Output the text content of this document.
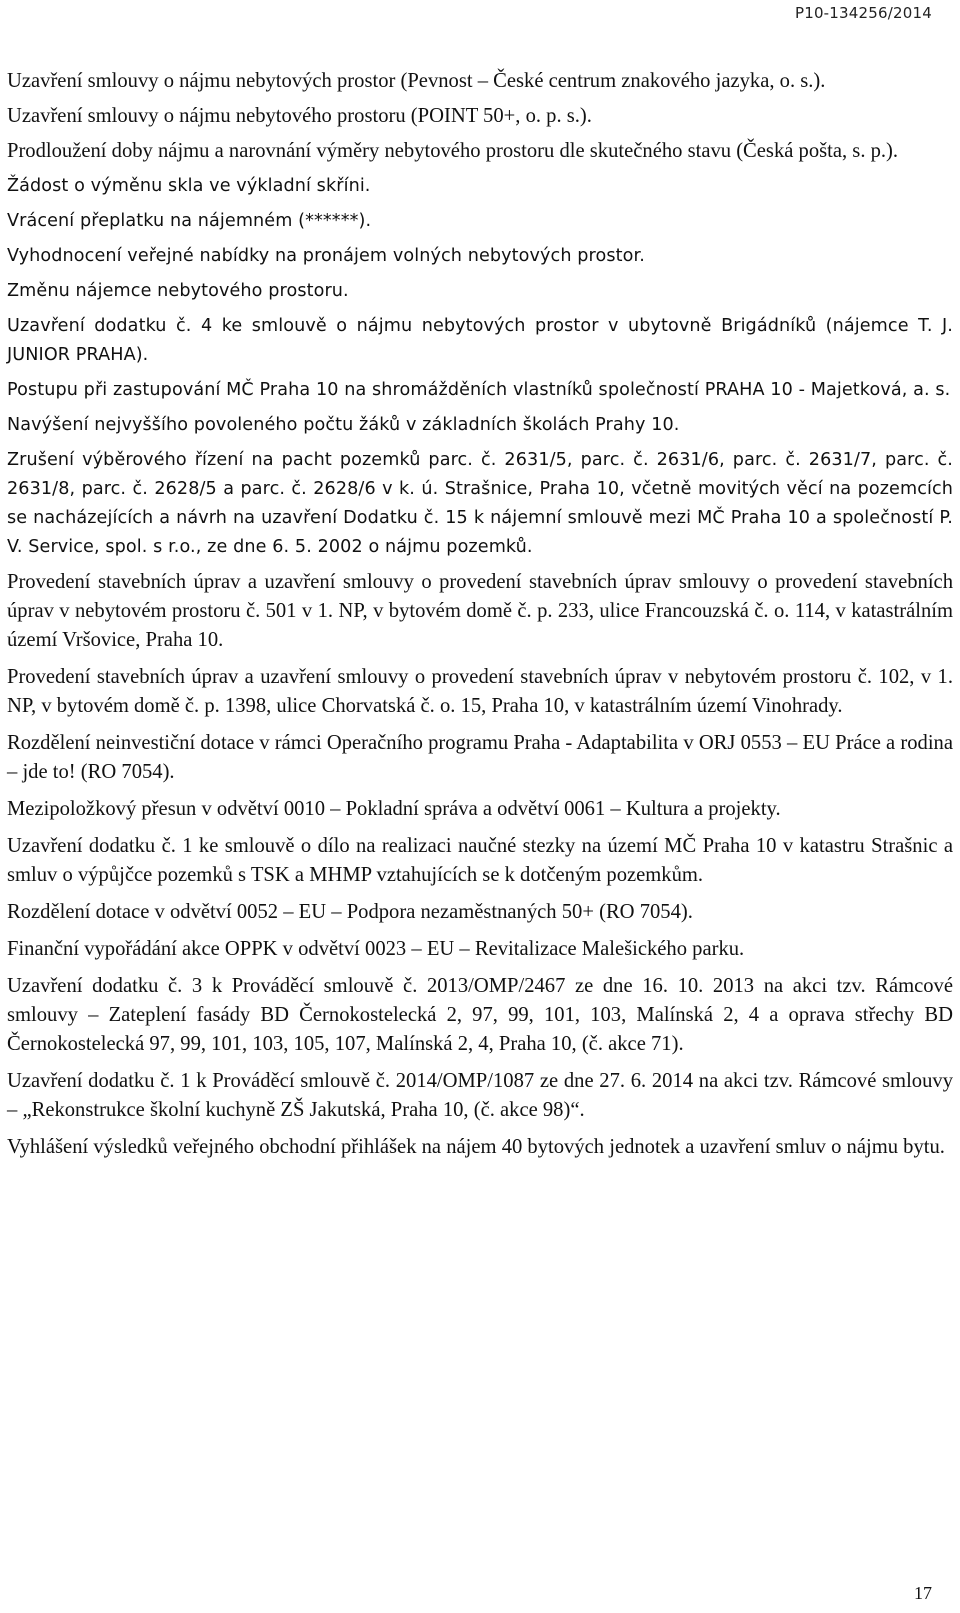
P10-134256/2014

Uzavření smlouvy o nájmu nebytových prostor (Pevnost – České centrum znakového jazyka, o. s.).

Uzavření smlouvy o nájmu nebytového prostoru (POINT 50+, o. p. s.).

Prodloužení doby nájmu a narovnání výměry nebytového prostoru dle skutečného stavu (Česká pošta, s. p.).

Žádost o výměnu skla ve výkladní skříni.

Vrácení přeplatku na nájemném (******).

Vyhodnocení veřejné nabídky na pronájem volných nebytových prostor.

Změnu nájemce nebytového prostoru.

Uzavření dodatku č. 4 ke smlouvě o nájmu nebytových prostor v ubytovně Brigádníků (nájemce T. J. JUNIOR PRAHA).

Postupu při zastupování MČ Praha 10 na shromážděních vlastníků společností PRAHA 10 - Majetková, a. s.

Navýšení nejvyššího povoleného počtu žáků v základních školách Prahy 10.

Zrušení výběrového řízení na pacht pozemků parc. č. 2631/5, parc. č. 2631/6, parc. č. 2631/7, parc. č. 2631/8, parc. č. 2628/5 a parc. č. 2628/6 v k. ú. Strašnice, Praha 10, včetně movitých věcí na pozemcích se nacházejících a návrh na uzavření Dodatku č. 15 k nájemní smlouvě mezi MČ Praha 10 a společností P. V. Service, spol. s r.o., ze dne 6. 5. 2002 o nájmu pozemků.

Provedení stavebních úprav a uzavření smlouvy o provedení stavebních úprav smlouvy o provedení stavebních úprav v nebytovém prostoru č. 501 v 1. NP, v bytovém domě č. p. 233, ulice Francouzská č. o. 114, v katastrálním území Vršovice, Praha 10.

Provedení stavebních úprav a uzavření smlouvy o provedení stavebních úprav v nebytovém prostoru č. 102, v 1. NP, v bytovém domě č. p. 1398, ulice Chorvatská č. o. 15, Praha 10, v katastrálním území Vinohrady.

Rozdělení neinvestiční dotace v rámci Operačního programu Praha - Adaptabilita v ORJ 0553 – EU Práce a rodina – jde to! (RO 7054).

Mezipoložkový přesun v odvětví 0010 – Pokladní správa a odvětví 0061 – Kultura a projekty.

Uzavření dodatku č. 1 ke smlouvě o dílo na realizaci naučné stezky na území MČ Praha 10 v katastru Strašnic a smluv o výpůjčce pozemků s TSK a MHMP vztahujících se k dotčeným pozemkům.

Rozdělení dotace v odvětví 0052 – EU – Podpora nezaměstnaných 50+ (RO 7054).

Finanční vypořádání akce OPPK v odvětví 0023 – EU – Revitalizace Malešického parku.

Uzavření dodatku č. 3 k Prováděcí smlouvě č. 2013/OMP/2467 ze dne 16. 10. 2013 na akci tzv. Rámcové smlouvy – Zateplení fasády BD Černokostelecká 2, 97, 99, 101, 103, Malínská 2, 4 a oprava střechy BD Černokostelecká 97, 99, 101, 103, 105, 107, Malínská 2, 4, Praha 10, (č. akce 71).

Uzavření dodatku č. 1 k Prováděcí smlouvě č. 2014/OMP/1087 ze dne 27. 6. 2014 na akci tzv. Rámcové smlouvy – „Rekonstrukce školní kuchyně ZŠ Jakutská, Praha 10, (č. akce 98)“.

Vyhlášení výsledků veřejného obchodní přihlášek na nájem 40 bytových jednotek a uzavření smluv o nájmu bytu.

17
